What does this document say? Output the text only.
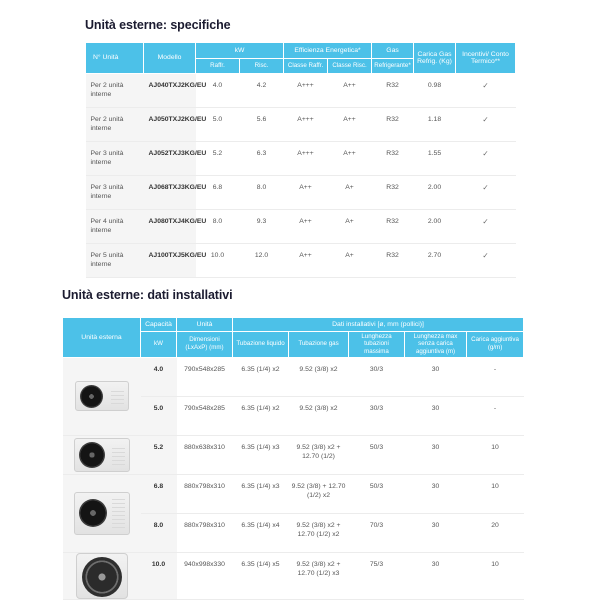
Unità esterne: specifiche
N° Unità	Modello	kW		Efficienza Energetica*		Gas	Carica Gas Refrig. (Kg)	Incentivi/ Conto Termico**
		Raffr.	Risc.	Classe Raffr.	Classe Risc.	Refrigerante*		
Per 2 unità interne	AJ040TXJ2KG/EU	4.0	4.2	A+++	A++	R32	0.98	✓
Per 2 unità interne	AJ050TXJ2KG/EU	5.0	5.6	A+++	A++	R32	1.18	✓
Per 3 unità interne	AJ052TXJ3KG/EU	5.2	6.3	A+++	A++	R32	1.55	✓
Per 3 unità interne	AJ068TXJ3KG/EU	6.8	8.0	A++	A+	R32	2.00	✓
Per 4 unità interne	AJ080TXJ4KG/EU	8.0	9.3	A++	A+	R32	2.00	✓
Per 5 unità interne	AJ100TXJ5KG/EU	10.0	12.0	A++	A+	R32	2.70	✓
Unità esterne: dati installativi
Unità esterna	Capacità	Unità	Dati installativi [ø, mm (pollici)]				
	kW	Dimensioni (LxAxP) (mm)	Tubazione liquido	Tubazione gas	Lunghezza tubazioni massima	Lunghezza max senza carica aggiuntiva (m)	Carica aggiuntiva (g/m)

	4.0	790x548x285	6.35 (1/4) x2	9.52 (3/8) x2	30/3	30	-
	5.0	790x548x285	6.35 (1/4) x2	9.52 (3/8) x2	30/3	30	-

	5.2	880x638x310	6.35 (1/4) x3	9.52 (3/8) x2 + 12.70 (1/2)	50/3	30	10

	6.8	880x798x310	6.35 (1/4) x3	9.52 (3/8) + 12.70 (1/2) x2	50/3	30	10
	8.0	880x798x310	6.35 (1/4) x4	9.52 (3/8) x2 + 12.70 (1/2) x2	70/3	30	20

	10.0	940x998x330	6.35 (1/4) x5	9.52 (3/8) x2 + 12.70 (1/2) x3	75/3	30	10
